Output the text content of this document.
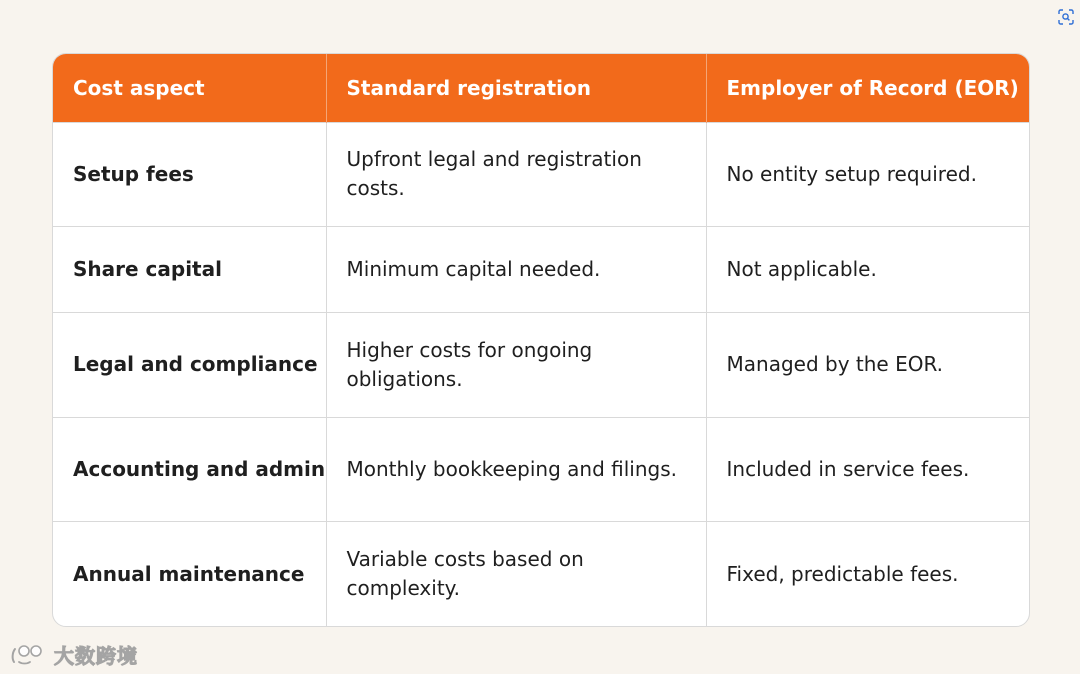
Cost aspect	Standard registration	Employer of Record (EOR)
Setup fees	Upfront legal and registration costs.	No entity setup required.
Share capital	Minimum capital needed.	Not applicable.
Legal and compliance	Higher costs for ongoing obligations.	Managed by the EOR.
Accounting and admin	Monthly bookkeeping and filings.	Included in service fees.
Annual maintenance	Variable costs based on complexity.	Fixed, predictable fees.
大数跨境
